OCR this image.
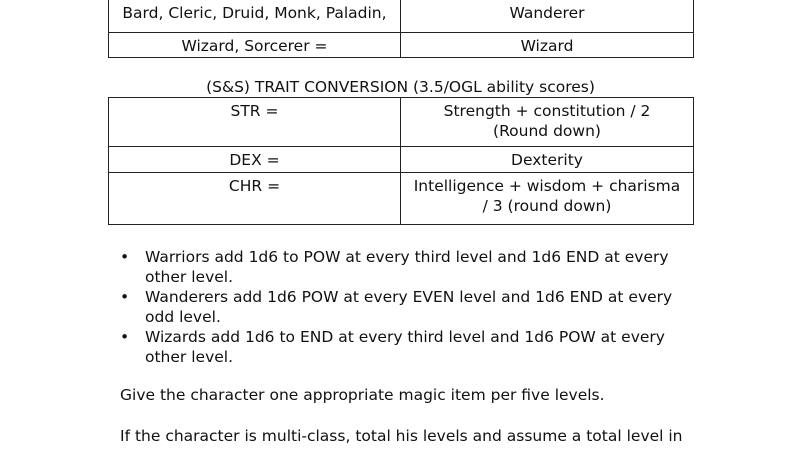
Bard, Cleric, Druid, Monk, Paladin,	Wanderer
Wizard, Sorcerer =	Wizard
(S&S) TRAIT CONVERSION (3.5/OGL ability scores)
STR =	Strength + constitution / 2
(Round down)

DEX =	Dexterity

CHR =	Intelligence + wisdom + charisma
/ 3 (round down)
• Warriors add 1d6 to POW at every third level and 1d6 END at every other level.
• Wanderers add 1d6 POW at every EVEN level and 1d6 END at every odd level.
• Wizards add 1d6 to END at every third level and 1d6 POW at every other level.

Give the character one appropriate magic item per five levels.

If the character is multi-class, total his levels and assume a total level in
